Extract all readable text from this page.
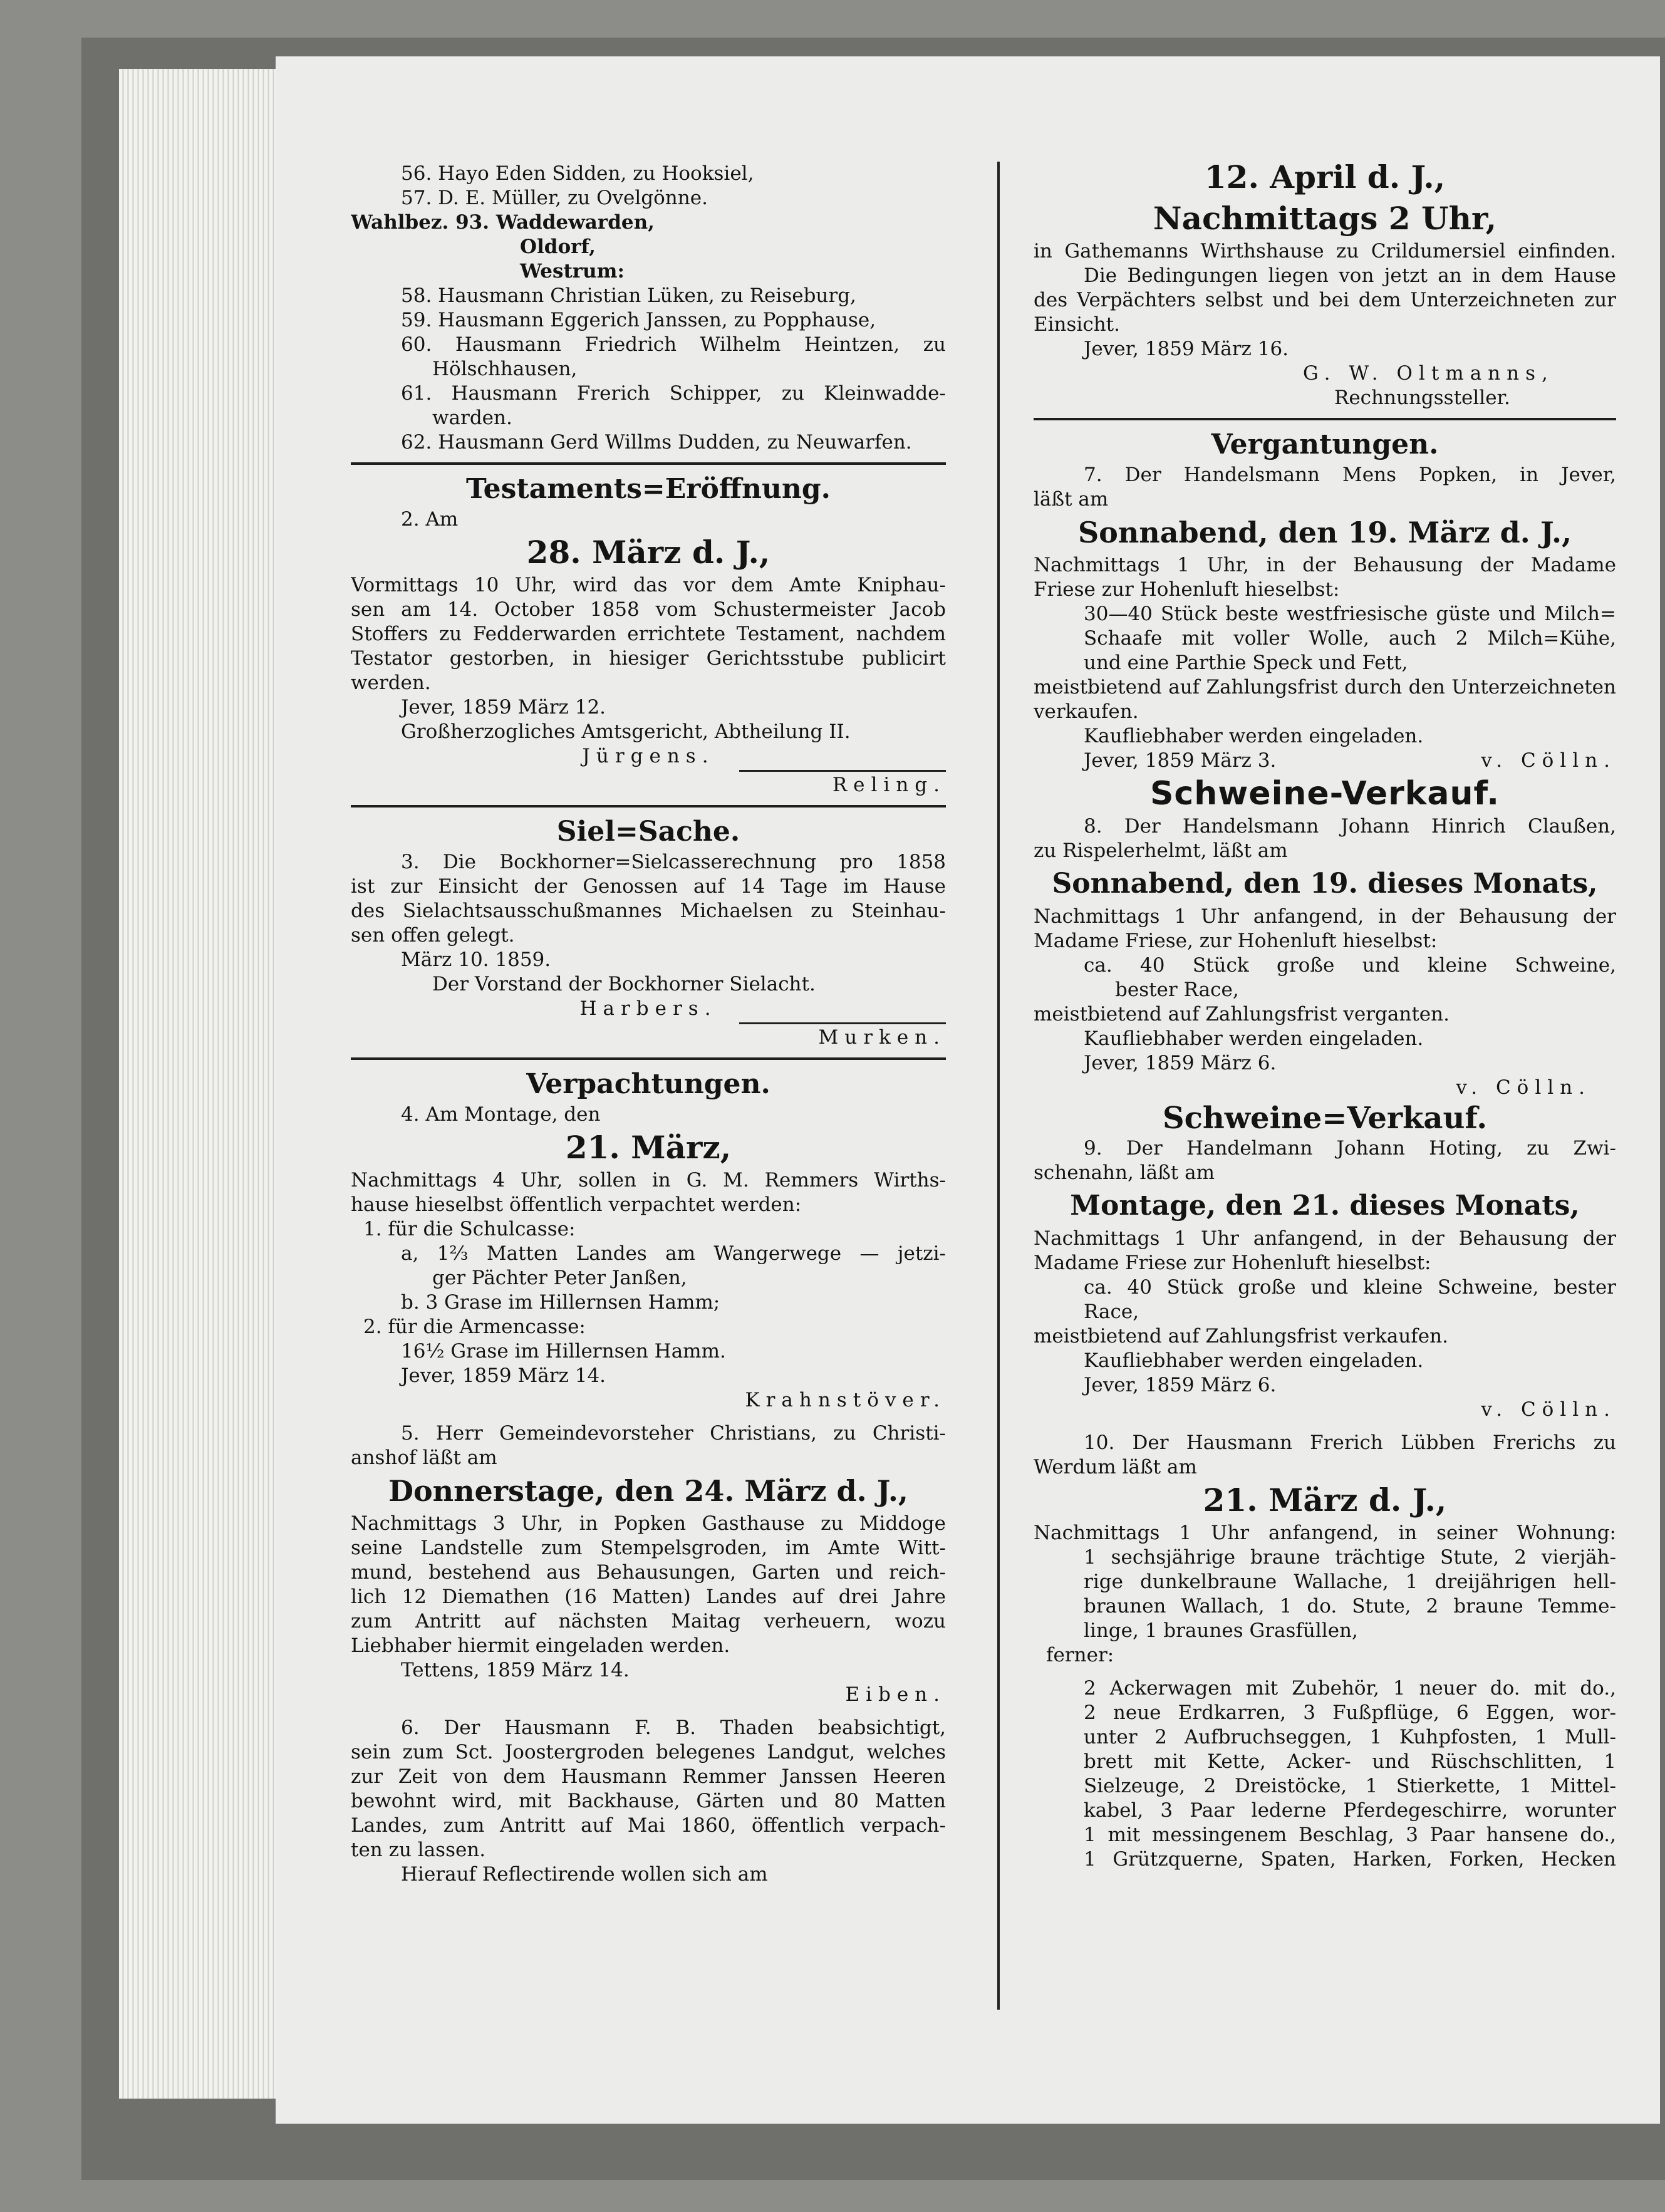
56. Hayo Eden Sidden, zu Hooksiel,
57. D. E. Müller, zu Ovelgönne.
Wahlbez. 93. Waddewarden,
Oldorf,
Westrum:
58. Hausmann Christian Lüken, zu Reiseburg,
59. Hausmann Eggerich Janssen, zu Popphause,
60. Hausmann Friedrich Wilhelm Heintzen, zu
Hölschhausen,
61. Hausmann Frerich Schipper, zu Kleinwadde-
warden.
62. Hausmann Gerd Willms Dudden, zu Neuwarfen.
Testaments=Eröffnung.
2. Am
28. März d. J.,
Vormittags 10 Uhr, wird das vor dem Amte Kniphau-
sen am 14. October 1858 vom Schustermeister Jacob
Stoffers zu Fedderwarden errichtete Testament, nachdem
Testator gestorben, in hiesiger Gerichtsstube publicirt
werden.
Jever, 1859 März 12.
Großherzogliches Amtsgericht, Abtheilung II.
Jürgens.
Reling.
Siel=Sache.
3. Die Bockhorner=Sielcasserechnung pro 1858
ist zur Einsicht der Genossen auf 14 Tage im Hause
des Sielachtsausschußmannes Michaelsen zu Steinhau-
sen offen gelegt.
März 10. 1859.
Der Vorstand der Bockhorner Sielacht.
Harbers.
Murken.
Verpachtungen.
4. Am Montage, den
21. März,
Nachmittags 4 Uhr, sollen in G. M. Remmers Wirths-
hause hieselbst öffentlich verpachtet werden:
1. für die Schulcasse:
a, 1⅔ Matten Landes am Wangerwege — jetzi-
ger Pächter Peter Janßen,
b. 3 Grase im Hillernsen Hamm;
2. für die Armencasse:
16½ Grase im Hillernsen Hamm.
Jever, 1859 März 14.
Krahnstöver.
5. Herr Gemeindevorsteher Christians, zu Christi-
anshof läßt am
Donnerstage, den 24. März d. J.,
Nachmittags 3 Uhr, in Popken Gasthause zu Middoge
seine Landstelle zum Stempelsgroden, im Amte Witt-
mund, bestehend aus Behausungen, Garten und reich-
lich 12 Diemathen (16 Matten) Landes auf drei Jahre
zum Antritt auf nächsten Maitag verheuern, wozu
Liebhaber hiermit eingeladen werden.
Tettens, 1859 März 14.
Eiben.
6. Der Hausmann F. B. Thaden beabsichtigt,
sein zum Sct. Joostergroden belegenes Landgut, welches
zur Zeit von dem Hausmann Remmer Janssen Heeren
bewohnt wird, mit Backhause, Gärten und 80 Matten
Landes, zum Antritt auf Mai 1860, öffentlich verpach-
ten zu lassen.
Hierauf Reflectirende wollen sich am
12. April d. J.,
Nachmittags 2 Uhr,
in Gathemanns Wirthshause zu Crildumersiel einfinden.
Die Bedingungen liegen von jetzt an in dem Hause
des Verpächters selbst und bei dem Unterzeichneten zur
Einsicht.
Jever, 1859 März 16.
G. W. Oltmanns,
Rechnungssteller.
Vergantungen.
7. Der Handelsmann Mens Popken, in Jever,
läßt am
Sonnabend, den 19. März d. J.,
Nachmittags 1 Uhr, in der Behausung der Madame
Friese zur Hohenluft hieselbst:
30—40 Stück beste westfriesische güste und Milch=
Schaafe mit voller Wolle, auch 2 Milch=Kühe,
und eine Parthie Speck und Fett,
meistbietend auf Zahlungsfrist durch den Unterzeichneten
verkaufen.
Kaufliebhaber werden eingeladen.
Jever, 1859 März 3.	v. Cölln.
Schweine-Verkauf.
8. Der Handelsmann Johann Hinrich Claußen,
zu Rispelerhelmt, läßt am
Sonnabend, den 19. dieses Monats,
Nachmittags 1 Uhr anfangend, in der Behausung der
Madame Friese, zur Hohenluft hieselbst:
ca. 40 Stück große und kleine Schweine,
bester Race,
meistbietend auf Zahlungsfrist verganten.
Kaufliebhaber werden eingeladen.
Jever, 1859 März 6.
v. Cölln.
Schweine=Verkauf.
9. Der Handelmann Johann Hoting, zu Zwi-
schenahn, läßt am
Montage, den 21. dieses Monats,
Nachmittags 1 Uhr anfangend, in der Behausung der
Madame Friese zur Hohenluft hieselbst:
ca. 40 Stück große und kleine Schweine, bester
Race,
meistbietend auf Zahlungsfrist verkaufen.
Kaufliebhaber werden eingeladen.
Jever, 1859 März 6.
v. Cölln.
10. Der Hausmann Frerich Lübben Frerichs zu
Werdum läßt am
21. März d. J.,
Nachmittags 1 Uhr anfangend, in seiner Wohnung:
1 sechsjährige braune trächtige Stute, 2 vierjäh-
rige dunkelbraune Wallache, 1 dreijährigen hell-
braunen Wallach, 1 do. Stute, 2 braune Temme-
linge, 1 braunes Grasfüllen,
ferner:
2 Ackerwagen mit Zubehör, 1 neuer do. mit do.,
2 neue Erdkarren, 3 Fußpflüge, 6 Eggen, wor-
unter 2 Aufbruchseggen, 1 Kuhpfosten, 1 Mull-
brett mit Kette, Acker- und Rüschschlitten, 1
Sielzeuge, 2 Dreistöcke, 1 Stierkette, 1 Mittel-
kabel, 3 Paar lederne Pferdegeschirre, worunter
1 mit messingenem Beschlag, 3 Paar hansene do.,
1 Grützquerne, Spaten, Harken, Forken, Hecken
